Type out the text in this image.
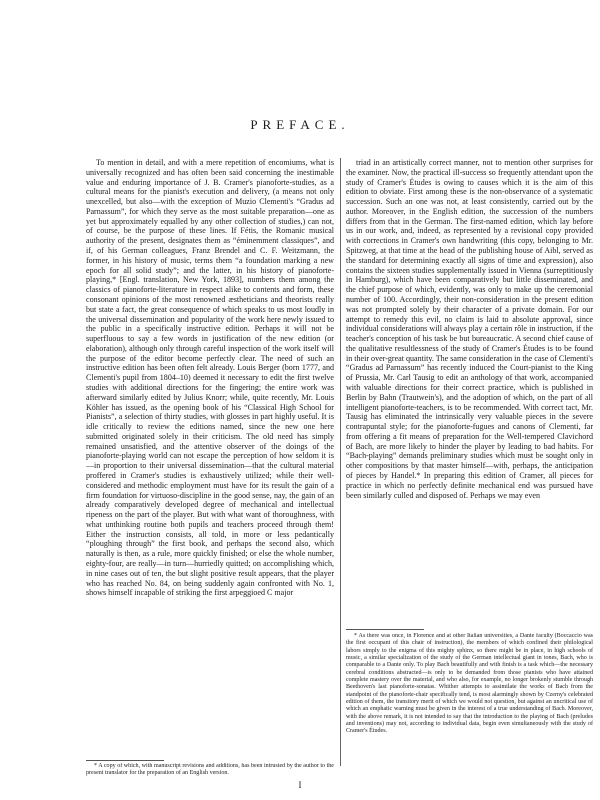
PREFACE.

To mention in detail, and with a mere repetition of encomiums, what is universally recognized and has often been said concerning the inestimable value and enduring importance of J. B. Cramer's pianoforte-studies, as a cultural means for the pianist's execution and delivery, (a means not only unexcelled, but also—with the exception of Muzio Clementi's “Gradus ad Parnassum”, for which they serve as the most suitable preparation—one as yet but approximately equalled by any other collection of studies,) can not, of course, be the purpose of these lines. If Fétis, the Romanic musical authority of the present, designates them as “éminemment classiques”, and if, of his German colleagues, Franz Brendel and C. F. Weitzmann, the former, in his history of music, terms them “a foundation marking a new epoch for all solid study”; and the latter, in his history of pianoforte-playing,* [Engl. translation, New York, 1893], numbers them among the classics of pianoforte-literature in respect alike to contents and form, these consonant opinions of the most renowned æstheticians and theorists really but state a fact, the great consequence of which speaks to us most loudly in the universal dissemination and popularity of the work here newly issued to the public in a specifically instructive edition. Perhaps it will not be superfluous to say a few words in justification of the new edition (or elaboration), although only through careful inspection of the work itself will the purpose of the editor become perfectly clear. The need of such an instructive edition has been often felt already. Louis Berger (born 1777, and Clementi's pupil from 1804–10) deemed it necessary to edit the first twelve studies with additional directions for the fingering; the entire work was afterward similarly edited by Julius Knorr; while, quite recently, Mr. Louis Köhler has issued, as the opening book of his “Classical High School for Pianists”, a selection of thirty studies, with glosses in part highly useful. It is idle critically to review the editions named, since the new one here submitted originated solely in their criticism. The old need has simply remained unsatisfied, and the attentive observer of the doings of the pianoforte-playing world can not escape the perception of how seldom it is—in proportion to their universal dissemination—that the cultural material proffered in Cramer's studies is exhaustively utilized; while their well-considered and methodic employment must have for its result the gain of a firm foundation for virtuoso-discipline in the good sense, nay, the gain of an already comparatively developed degree of mechanical and intellectual ripeness on the part of the player. But with what want of thoroughness, with what unthinking routine both pupils and teachers proceed through them! Either the instruction consists, all told, in more or less pedantically “ploughing through” the first book, and perhaps the second also, which naturally is then, as a rule, more quickly finished; or else the whole number, eighty-four, are really—in turn—hurriedly quitted; on accomplishing which, in nine cases out of ten, the but slight positive result appears, that the player who has reached No. 84, on being suddenly again confronted with No. 1, shows himself incapable of striking the first arpeggioed C major

triad in an artistically correct manner, not to mention other surprises for the examiner. Now, the practical ill-success so frequently attendant upon the study of Cramer's Études is owing to causes which it is the aim of this edition to obviate. First among these is the non-observance of a systematic succession. Such an one was not, at least consistently, carried out by the author. Moreover, in the English edition, the succession of the numbers differs from that in the German. The first-named edition, which lay before us in our work, and, indeed, as represented by a revisional copy provided with corrections in Cramer's own handwriting (this copy, belonging to Mr. Spitzweg, at that time at the head of the publishing house of Aibl, served as the standard for determining exactly all signs of time and expression), also contains the sixteen studies supplementally issued in Vienna (surreptitiously in Hamburg), which have been comparatively but little disseminated, and the chief purpose of which, evidently, was only to make up the ceremonial number of 100. Accordingly, their non-consideration in the present edition was not prompted solely by their character of a private domain. For our attempt to remedy this evil, no claim is laid to absolute approval, since individual considerations will always play a certain rôle in instruction, if the teacher's conception of his task be but bureaucratic. A second chief cause of the qualitative resultlessness of the study of Cramer's Études is to be found in their over-great quantity. The same consideration in the case of Clementi's “Gradus ad Parnassum” has recently induced the Court-pianist to the King of Prussia, Mr. Carl Tausig to edit an anthology of that work, accompanied with valuable directions for their correct practice, which is published in Berlin by Bahn (Trautwein's), and the adoption of which, on the part of all intelligent pianoforte-teachers, is to be recommended. With correct tact, Mr. Tausig has eliminated the intrinsically very valuable pieces in the severe contrapuntal style; for the pianoforte-fugues and canons of Clementi, far from offering a fit means of preparation for the Well-tempered Clavichord of Bach, are more likely to hinder the player by leading to bad habits. For “Bach-playing” demands preliminary studies which must be sought only in other compositions by that master himself—with, perhaps, the anticipation of pieces by Handel.* In preparing this edition of Cramer, all pieces for practice in which no perfectly definite mechanical end was pursued have been similarly culled and disposed of. Perhaps we may even

* A copy of which, with manuscript revisions and additions, has been intrusted by the author to the present translator for the preparation of an English version.

* As there was once, in Florence and at other Italian universities, a Dante faculty (Boccaccio was the first occupant of this chair of instruction), the members of which confined their philological labors simply to the enigma of this mighty sphinx, so there might be in place, in high schools of music, a similar specialization of the study of the German intellectual giant in tones, Bach, who is comparable to a Dante only. To play Bach beautifully and with finish is a task which—the necessary cerebral conditions abstracted—is only to be demanded from those pianists who have attained complete mastery over the material, and who also, for example, no longer brokenly stumble through Beethoven's last pianoforte-sonatas. Whither attempts to assimilate the works of Bach from the standpoint of the pianoforte-chair specifically tend, is most alarmingly shown by Czerny's celebrated edition of them, the transitory merit of which we would not question, but against an uncritical use of which an emphatic warning must be given in the interest of a true understanding of Bach. Moreover, with the above remark, it is not intended to say that the introduction to the playing of Bach (preludes and inventions) may not, according to individual data, begin even simultaneously with the study of Cramer's Études.

I
